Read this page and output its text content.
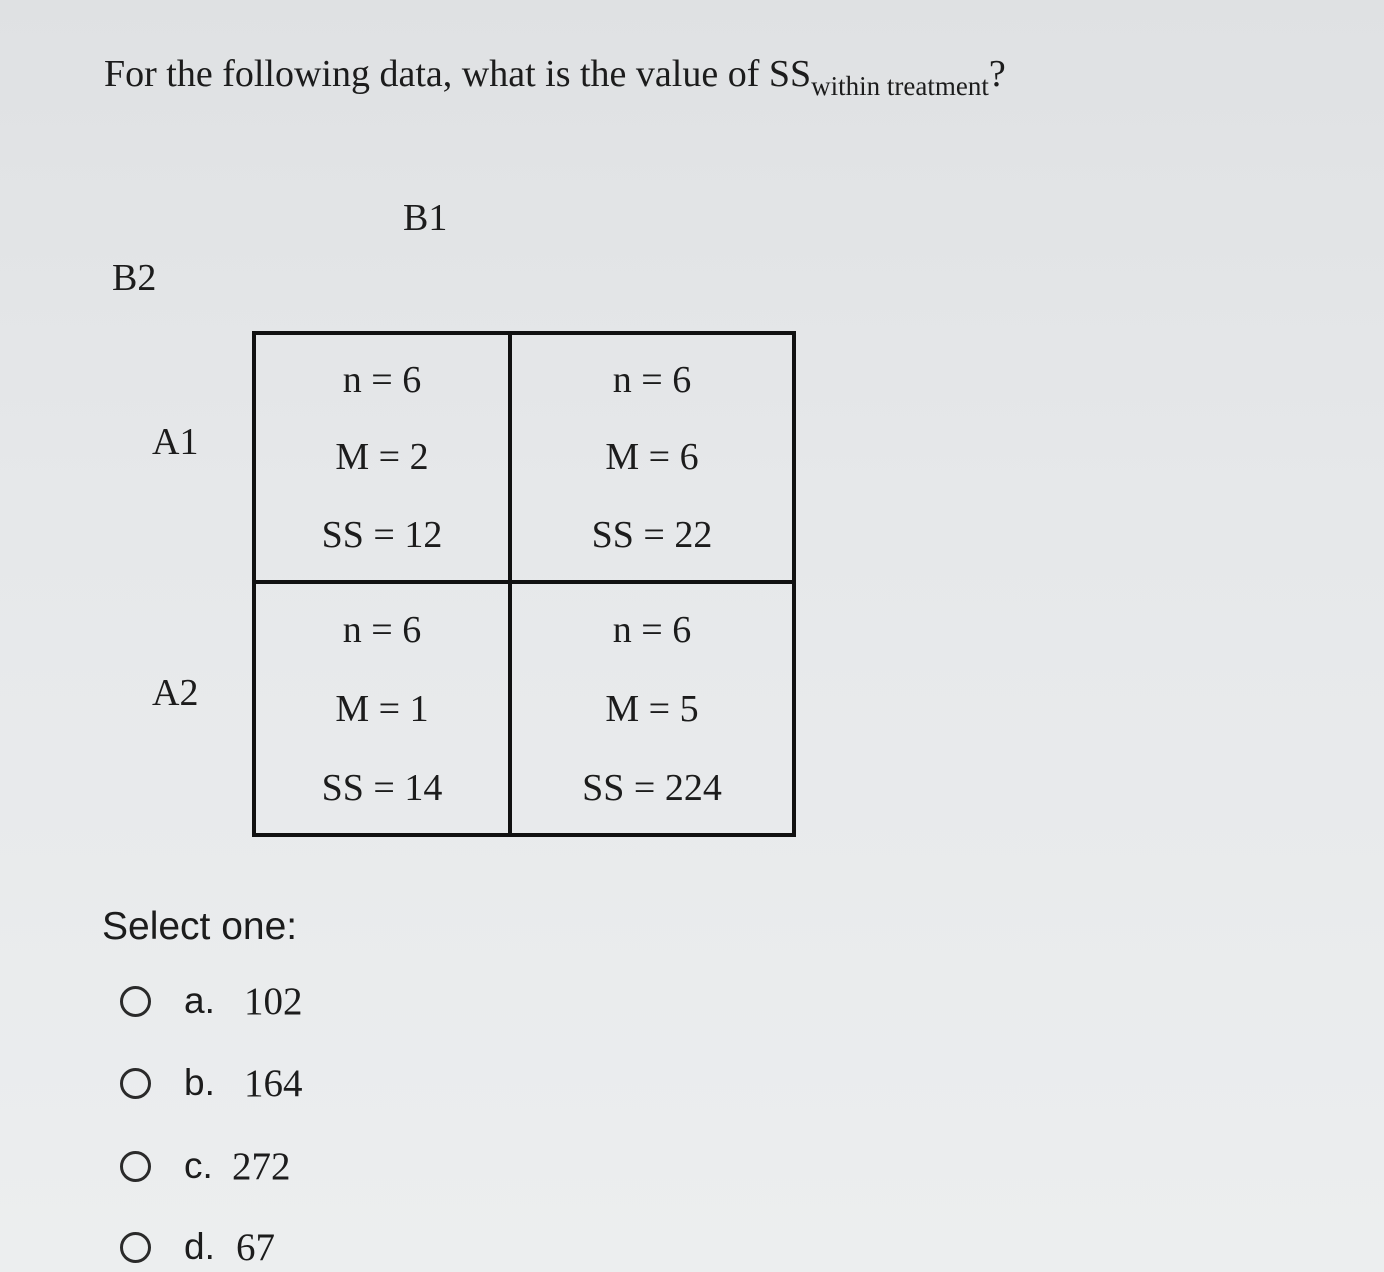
For the following data, what is the value of $SS_{within treatment}$?
B1
B2
A1
A2
n = 6
M = 2
SS = 12
n = 6
M = 6
SS = 22
n = 6
M = 1
SS = 14
n = 6
M = 5
SS = 224
Select one:
a. 102
b. 164
c. 272
d. 67
